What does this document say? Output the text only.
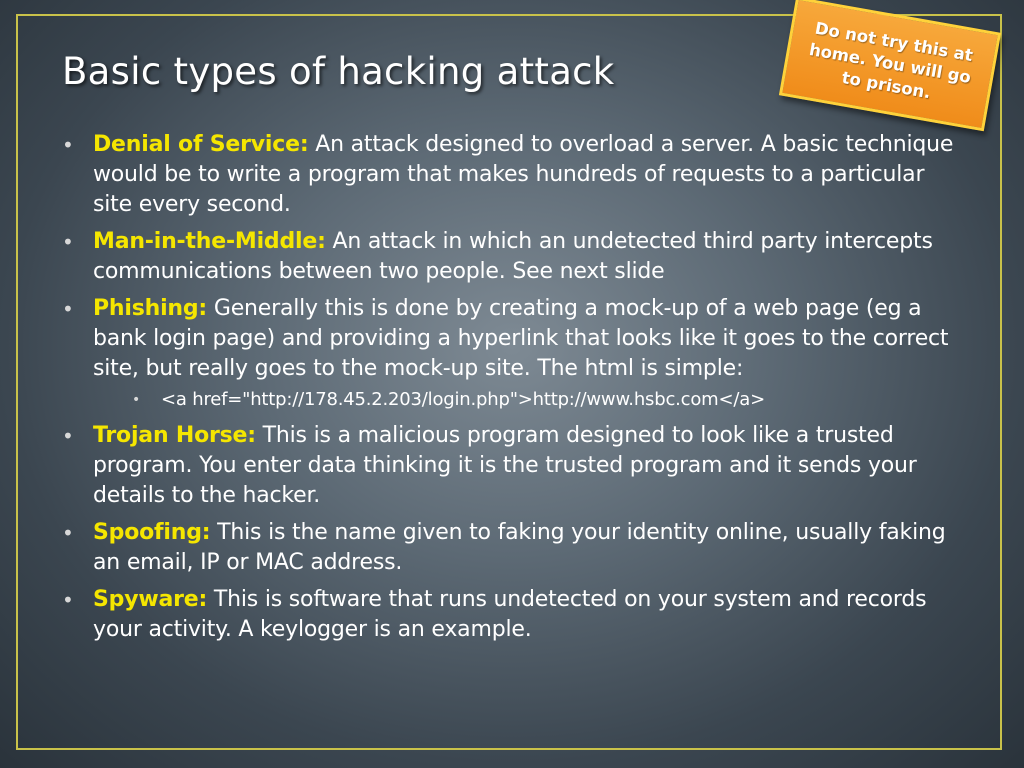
Basic types of hacking attack
Do not try this at home. You will go to prison.
• Denial of Service: An attack designed to overload a server. A basic technique would be to write a program that makes hundreds of requests to a particular site every second.
• Man-in-the-Middle: An attack in which an undetected third party intercepts communications between two people. See next slide
• Phishing: Generally this is done by creating a mock-up of a web page (eg a bank login page) and providing a hyperlink that looks like it goes to the correct site, but really goes to the mock-up site. The html is simple:
• <a href="http://178.45.2.203/login.php">http://www.hsbc.com</a>
• Trojan Horse: This is a malicious program designed to look like a trusted program. You enter data thinking it is the trusted program and it sends your details to the hacker.
• Spoofing: This is the name given to faking your identity online, usually faking an email, IP or MAC address.
• Spyware: This is software that runs undetected on your system and records your activity. A keylogger is an example.
